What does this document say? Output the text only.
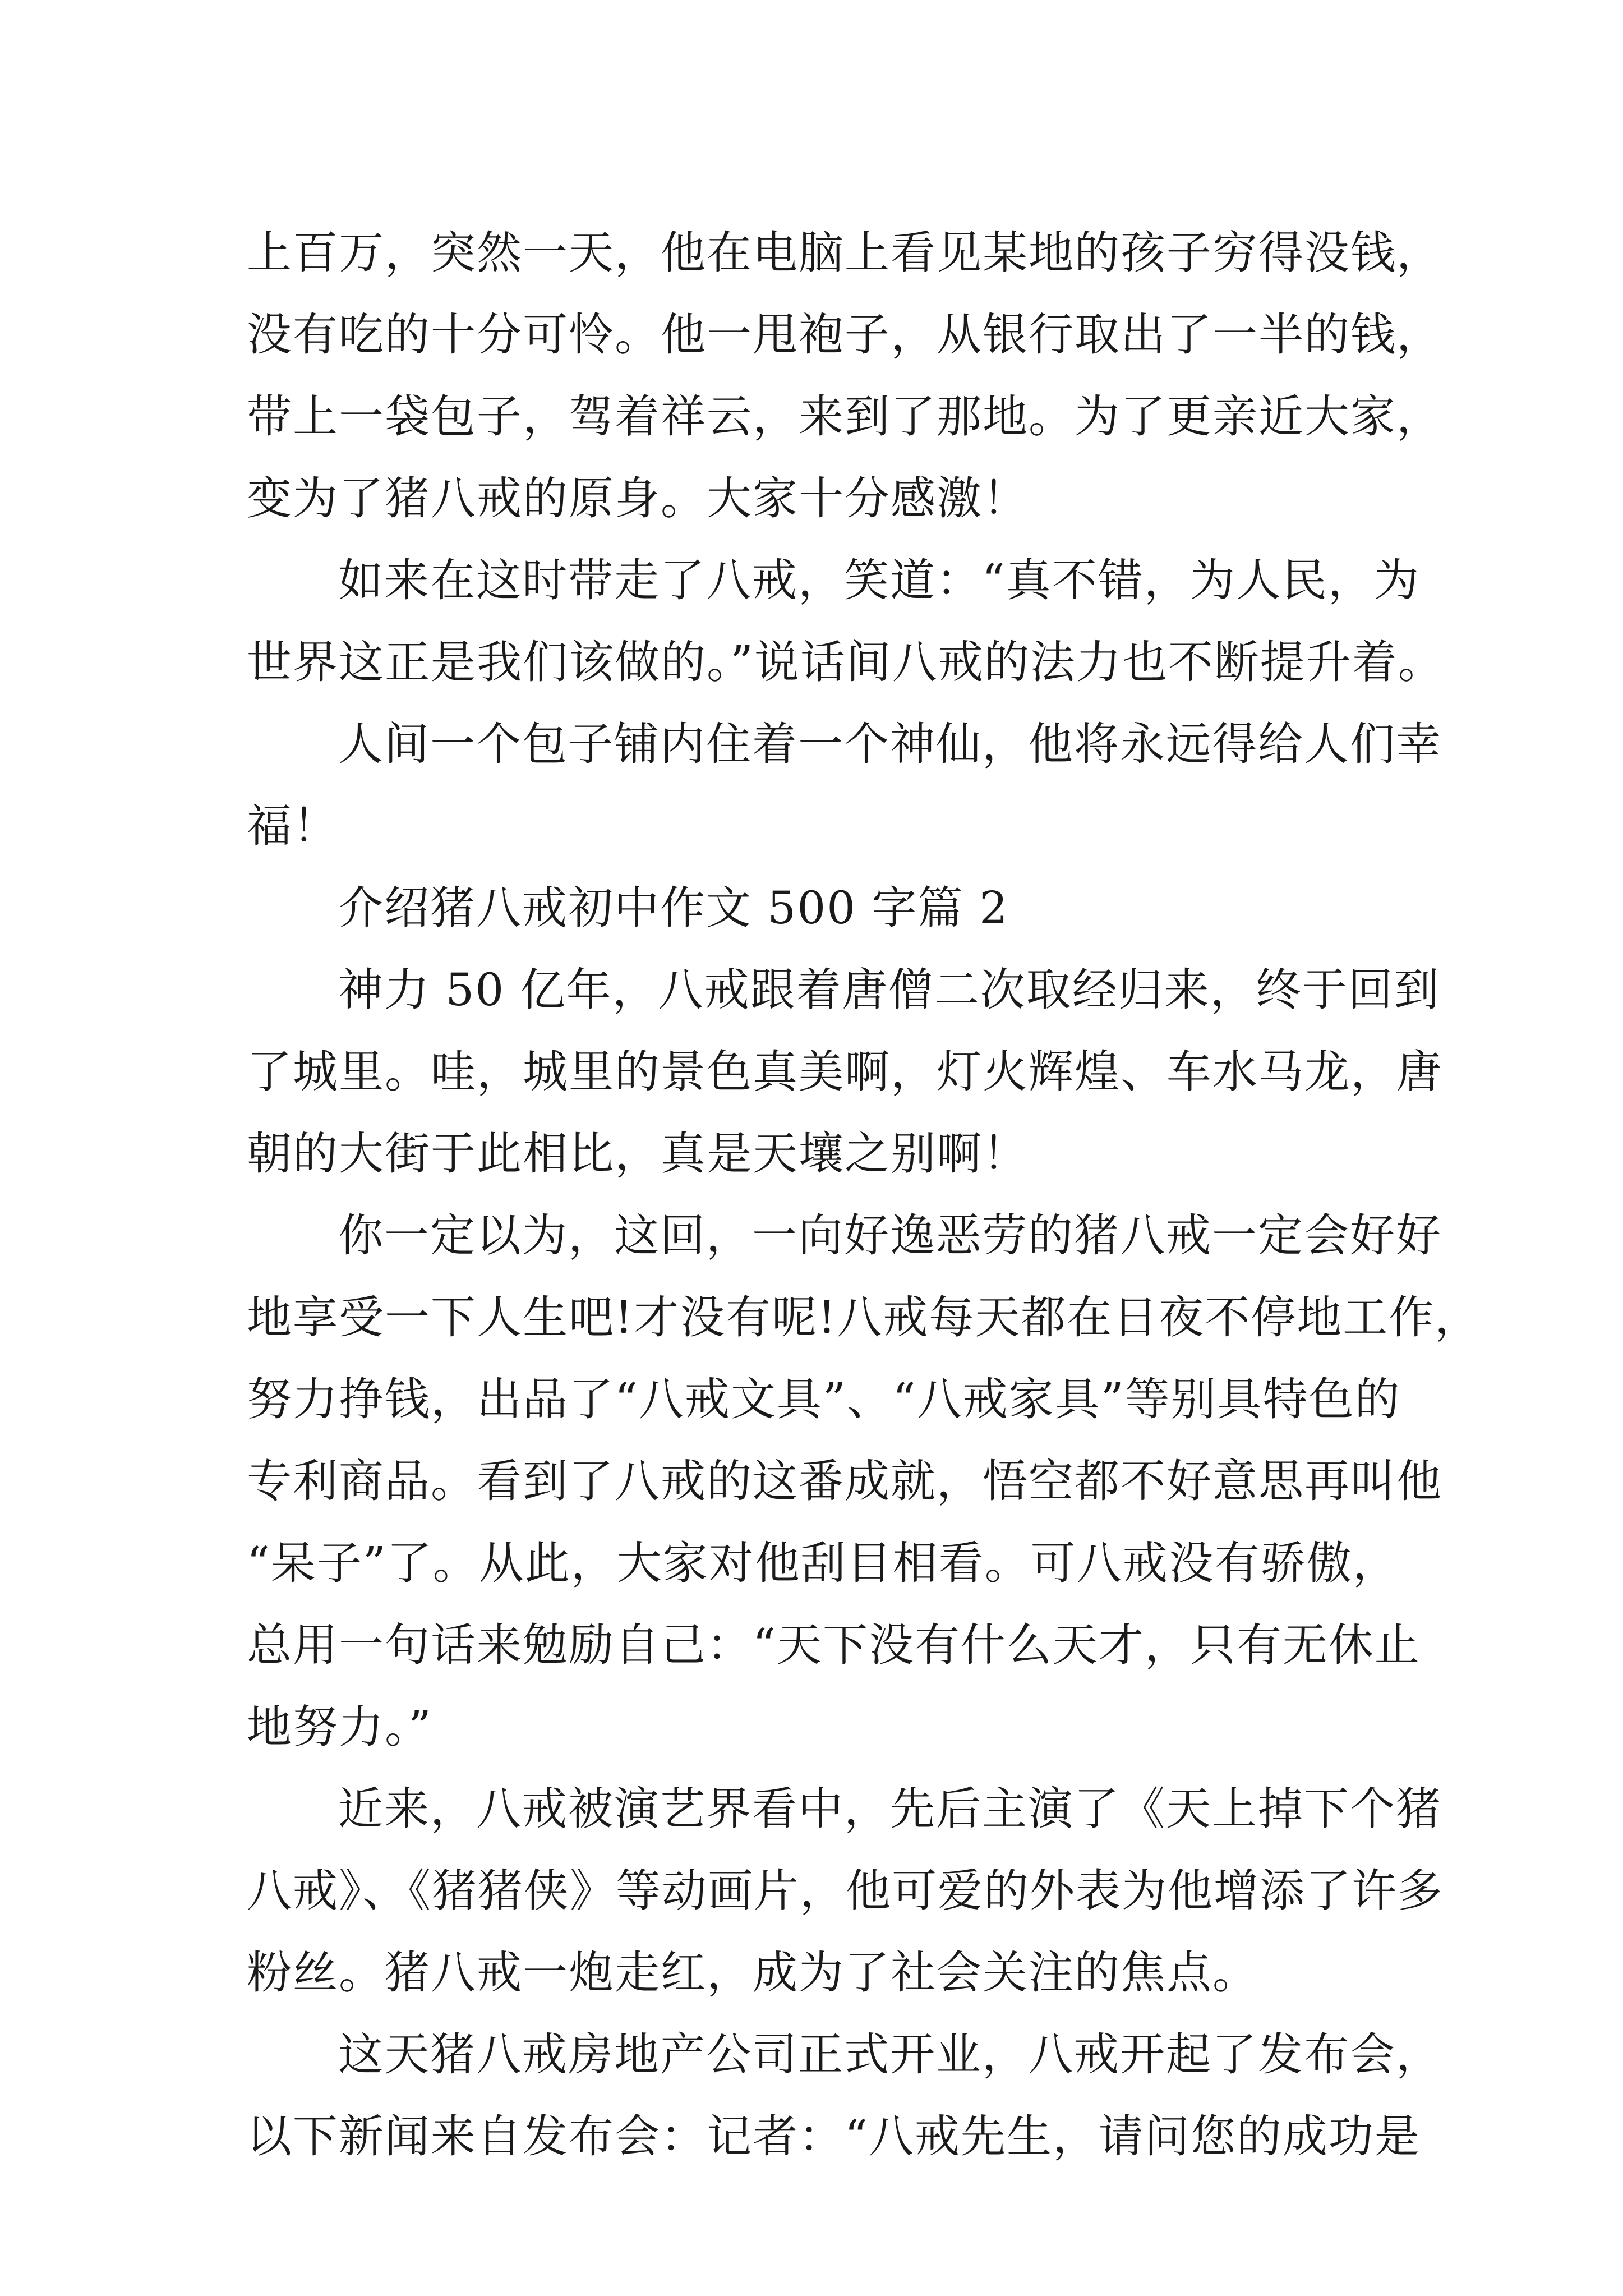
上百万，突然一天，他在电脑上看见某地的孩子穷得没钱，
没有吃的十分可怜。他一甩袍子，从银行取出了一半的钱，
带上一袋包子，驾着祥云，来到了那地。为了更亲近大家，
变为了猪八戒的原身。大家十分感激！
如来在这时带走了八戒，笑道：“真不错，为人民，为
世界这正是我们该做的。”说话间八戒的法力也不断提升着。
人间一个包子铺内住着一个神仙，他将永远得给人们幸
福！
介绍猪八戒初中作文 500 字篇 2
神力 50 亿年，八戒跟着唐僧二次取经归来，终于回到
了城里。哇，城里的景色真美啊，灯火辉煌、车水马龙，唐
朝的大街于此相比，真是天壤之别啊！
你一定以为，这回，一向好逸恶劳的猪八戒一定会好好
地享受一下人生吧!才没有呢!八戒每天都在日夜不停地工作，
努力挣钱，出品了“八戒文具”、“八戒家具”等别具特色的
专利商品。看到了八戒的这番成就，悟空都不好意思再叫他
“呆子”了。从此，大家对他刮目相看。可八戒没有骄傲，
总用一句话来勉励自己：“天下没有什么天才，只有无休止
地努力。”
近来，八戒被演艺界看中，先后主演了《天上掉下个猪
八戒》、《猪猪侠》等动画片，他可爱的外表为他增添了许多
粉丝。猪八戒一炮走红，成为了社会关注的焦点。
这天猪八戒房地产公司正式开业，八戒开起了发布会，
以下新闻来自发布会：记者：“八戒先生，请问您的成功是
